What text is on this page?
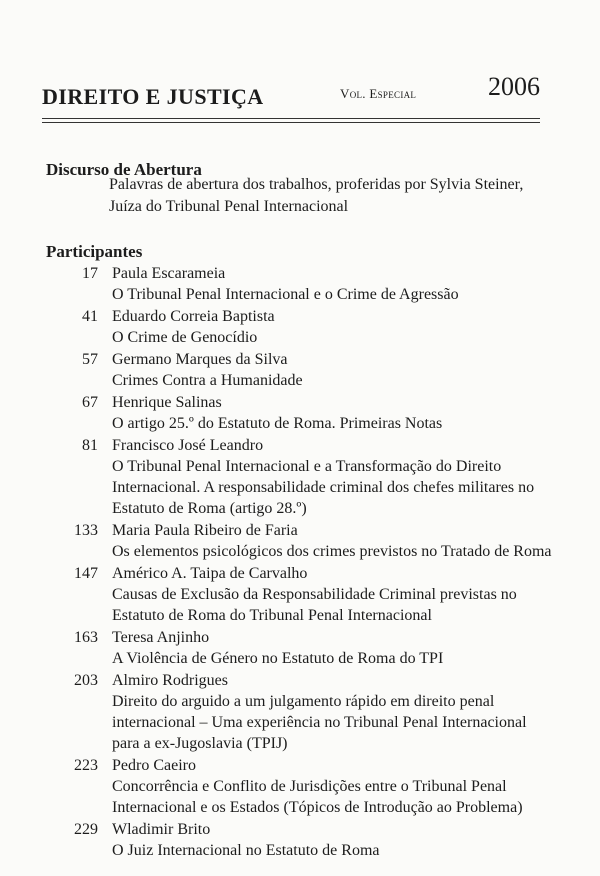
DIREITO E JUSTIÇA	Vol. Especial	2006
Discurso de Abertura
Palavras de abertura dos trabalhos, proferidas por Sylvia Steiner, Juíza do Tribunal Penal Internacional
Participantes
17 Paula Escarameia
O Tribunal Penal Internacional e o Crime de Agressão
41 Eduardo Correia Baptista
O Crime de Genocídio
57 Germano Marques da Silva
Crimes Contra a Humanidade
67 Henrique Salinas
O artigo 25.º do Estatuto de Roma. Primeiras Notas
81 Francisco José Leandro
O Tribunal Penal Internacional e a Transformação do Direito Internacional. A responsabilidade criminal dos chefes militares no Estatuto de Roma (artigo 28.º)
133 Maria Paula Ribeiro de Faria
Os elementos psicológicos dos crimes previstos no Tratado de Roma
147 Américo A. Taipa de Carvalho
Causas de Exclusão da Responsabilidade Criminal previstas no Estatuto de Roma do Tribunal Penal Internacional
163 Teresa Anjinho
A Violência de Género no Estatuto de Roma do TPI
203 Almiro Rodrigues
Direito do arguido a um julgamento rápido em direito penal internacional – Uma experiência no Tribunal Penal Internacional para a ex-Jugoslavia (TPIJ)
223 Pedro Caeiro
Concorrência e Conflito de Jurisdições entre o Tribunal Penal Internacional e os Estados (Tópicos de Introdução ao Problema)
229 Wladimir Brito
O Juiz Internacional no Estatuto de Roma
